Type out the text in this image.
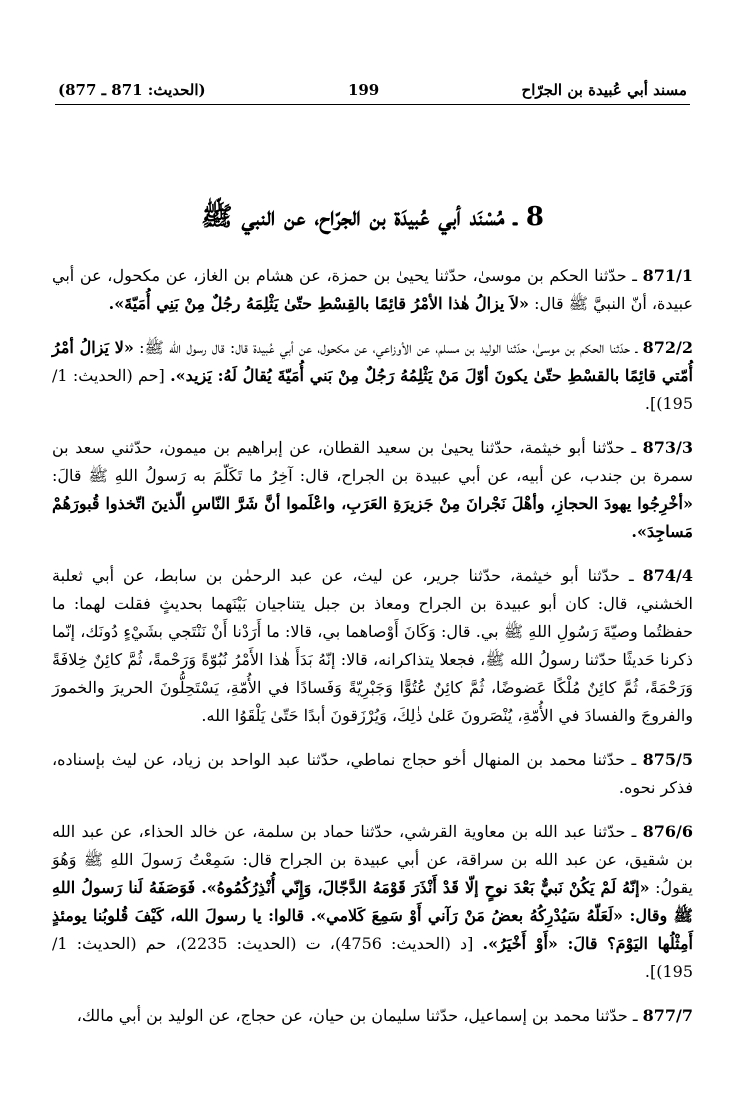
(الحديث: 871 ـ 877)	199	مسند أبي عُبيدة بن الجرّاح
8 ـ مُسْنَد أبي عُبيدَة بن الجرّاح، عن النبي ﷺ

871/1 ـ حدّثنا الحكم بن موسىٰ، حدّثنا يحيىٰ بن حمزة، عن هشام بن الغاز، عن مكحول، عن أبي عبيدة، أنّ النبيَّ ﷺ قال: «لاَ يزالُ هٰذا الأمْرُ قائِمًا بالقِسْطِ حتّىٰ يَثْلِمَهُ رجُلٌ مِنْ بَنِي أُمَيّةَ».

872/2 ـ حدّثنا الحكم بن موسىٰ، حدّثنا الوليد بن مسلم، عن الأوزاعي، عن مكحول، عن أبي عُبيدة قال: قال رسول الله ﷺ: «لا يَزالُ أمْرُ أُمّتي قائِمًا بالقسْطِ حتّىٰ يكونَ أوّلَ مَنْ يَثْلِمُهُ رَجُلٌ مِنْ بَني أُمَيّةَ يُقالُ لَهُ: يَزيد». [حم (الحديث: 1/ 195)].

873/3 ـ حدّثنا أبو خيثمة، حدّثنا يحيىٰ بن سعيد القطان، عن إبراهيم بن ميمون، حدّثني سعد بن سمرة بن جندب، عن أبيه، عن أبي عبيدة بن الجراح، قال: آخِرُ ما تَكَلّمَ به رَسولُ اللهِ ﷺ قالَ: «أخْرِجُوا يهودَ الحجازِ، وأهْلَ نَجْرانَ مِنْ جَزيرَةِ العَرَبِ، واعْلَموا أنَّ شَرَّ النّاسِ الّذينَ اتّخذوا قُبورَهُمْ مَساجِدَ».

874/4 ـ حدّثنا أبو خيثمة، حدّثنا جرير، عن ليث، عن عبد الرحمٰن بن سابط، عن أبي ثعلبة الخشني، قال: كان أبو عبيدة بن الجراح ومعاذ بن جبل يتناجيان بَيْنَهما بحديثٍ فقلت لهما: ما حفظتُما وصيّةَ رَسُولِ اللهِ ﷺ بي. قال: وَكَانَ أَوْصاهما بي، قالا: ما أَرَدْنا أَنْ نَنْتَجي بشَيْءٍ دُونَك، إنّما ذكرنا حَديثًا حدّثنا رسولُ الله ﷺ، فجعلا يتذاكرانه، قالا: إنّهُ بَدَأَ هٰذا الأَمْرُ نُبُوّةً وَرَحْمةً، ثُمَّ كائِنٌ خِلافَةً وَرَحْمَةً، ثُمَّ كائِنٌ مُلْكًا عَضوضًا، ثُمَّ كائِنٌ عُتُوًّا وَجَبْرِيّةً وَفَسادًا في الأُمّةِ، يَسْتَحِلُّونَ الحريرَ والخمورَ والفروجَ والفسادَ في الأُمّةِ، يُنْصَرونَ عَلىٰ ذٰلِكَ، وَيُرْزَقونَ أبدًا حَتّىٰ يَلْقَوُا الله.

875/5 ـ حدّثنا محمد بن المنهال أخو حجاج نماطي، حدّثنا عبد الواحد بن زياد، عن ليث بإسناده، فذكر نحوه.

876/6 ـ حدّثنا عبد الله بن معاوية القرشي، حدّثنا حماد بن سلمة، عن خالد الحذاء، عن عبد الله بن شقيق، عن عبد الله بن سراقة، عن أبي عبيدة بن الجراح قال: سَمِعْتُ رَسولَ اللهِ ﷺ وَهُوَ يقولُ: «إنّهُ لَمْ يَكُنْ نَبيٌّ بَعْدَ نوحٍ إلّا قَدْ أَنْذَرَ قَوْمَهُ الدَّجّالَ، وَإِنّي أُنْذِرُكُمُوهُ». فَوَصَفَهُ لَنا رَسولُ اللهِ ﷺ وقال: «لَعَلّهُ سَيُدْرِكُهُ بعضُ مَنْ رَآني أَوْ سَمِعَ كَلامي». قالوا: يا رسولَ الله، كَيْفَ قُلوبُنا يومئذٍ أَمِثْلُها اليَوْمَ؟ قالَ: «أَوْ أَخْيَرُ». [د (الحديث: 4756)، ت (الحديث: 2235)، حم (الحديث: 1/ 195)].

877/7 ـ حدّثنا محمد بن إسماعيل، حدّثنا سليمان بن حيان، عن حجاج، عن الوليد بن أبي مالك،
